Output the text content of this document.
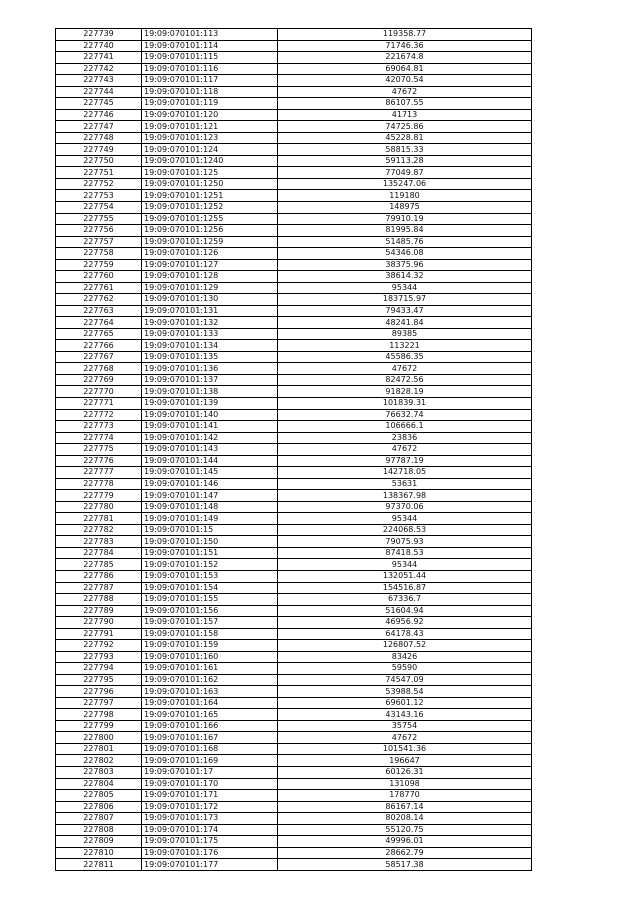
227739	19:09:070101:113	119358.77
227740	19:09:070101:114	71746.36
227741	19:09:070101:115	221674.8
227742	19:09:070101:116	69064.81
227743	19:09:070101:117	42070.54
227744	19:09:070101:118	47672
227745	19:09:070101:119	86107.55
227746	19:09:070101:120	41713
227747	19:09:070101:121	74725.86
227748	19:09:070101:123	45228.81
227749	19:09:070101:124	58815.33
227750	19:09:070101:1240	59113.28
227751	19:09:070101:125	77049.87
227752	19:09:070101:1250	135247.06
227753	19:09:070101:1251	119180
227754	19:09:070101:1252	148975
227755	19:09:070101:1255	79910.19
227756	19:09:070101:1256	81995.84
227757	19:09:070101:1259	51485.76
227758	19:09:070101:126	54346.08
227759	19:09:070101:127	38375.96
227760	19:09:070101:128	38614.32
227761	19:09:070101:129	95344
227762	19:09:070101:130	183715.97
227763	19:09:070101:131	79433.47
227764	19:09:070101:132	48241.84
227765	19:09:070101:133	89385
227766	19:09:070101:134	113221
227767	19:09:070101:135	45586.35
227768	19:09:070101:136	47672
227769	19:09:070101:137	82472.56
227770	19:09:070101:138	91828.19
227771	19:09:070101:139	101839.31
227772	19:09:070101:140	76632.74
227773	19:09:070101:141	106666.1
227774	19:09:070101:142	23836
227775	19:09:070101:143	47672
227776	19:09:070101:144	97787.19
227777	19:09:070101:145	142718.05
227778	19:09:070101:146	53631
227779	19:09:070101:147	138367.98
227780	19:09:070101:148	97370.06
227781	19:09:070101:149	95344
227782	19:09:070101:15	224068.53
227783	19:09:070101:150	79075.93
227784	19:09:070101:151	87418.53
227785	19:09:070101:152	95344
227786	19:09:070101:153	132051.44
227787	19:09:070101:154	154516.87
227788	19:09:070101:155	67336.7
227789	19:09:070101:156	51604.94
227790	19:09:070101:157	46956.92
227791	19:09:070101:158	64178.43
227792	19:09:070101:159	126807.52
227793	19:09:070101:160	83426
227794	19:09:070101:161	59590
227795	19:09:070101:162	74547.09
227796	19:09:070101:163	53988.54
227797	19:09:070101:164	69601.12
227798	19:09:070101:165	43143.16
227799	19:09:070101:166	35754
227800	19:09:070101:167	47672
227801	19:09:070101:168	101541.36
227802	19:09:070101:169	196647
227803	19:09:070101:17	60126.31
227804	19:09:070101:170	131098
227805	19:09:070101:171	178770
227806	19:09:070101:172	86167.14
227807	19:09:070101:173	80208.14
227808	19:09:070101:174	55120.75
227809	19:09:070101:175	49996.01
227810	19:09:070101:176	28662.79
227811	19:09:070101:177	58517.38
